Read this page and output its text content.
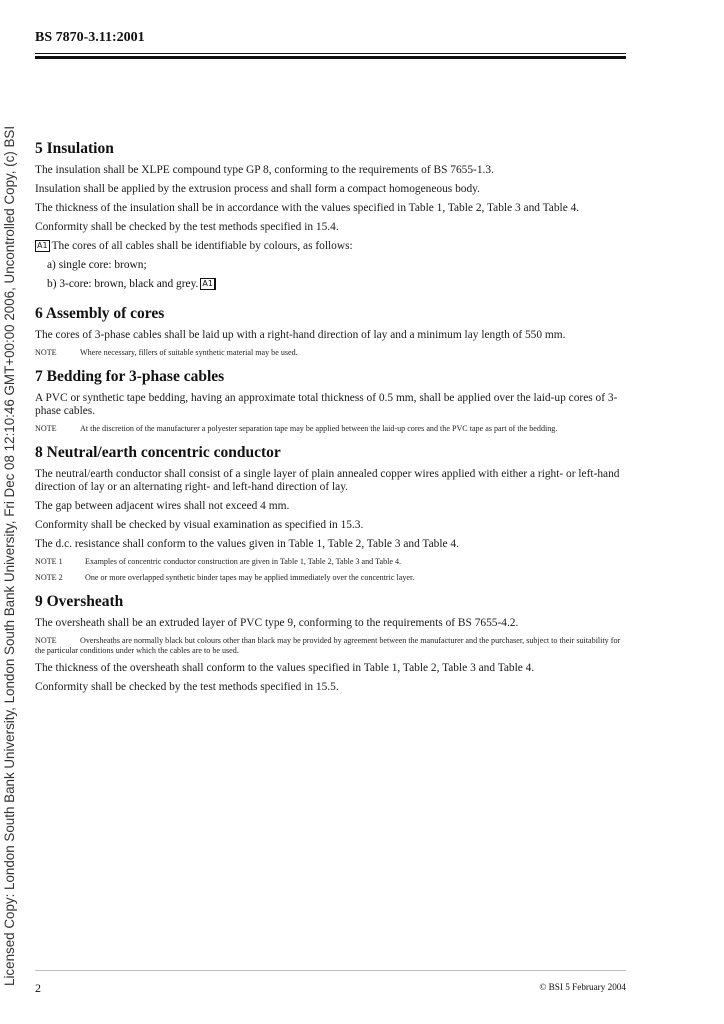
Licensed Copy: London South Bank University, London South Bank University, Fri Dec 08 12:10:46 GMT+00:00 2006, Uncontrolled Copy, (c) BSI
BS 7870-3.11:2001
5 Insulation

The insulation shall be XLPE compound type GP 8, conforming to the requirements of BS 7655-1.3.

Insulation shall be applied by the extrusion process and shall form a compact homogeneous body.

The thickness of the insulation shall be in accordance with the values specified in Table 1, Table 2, Table 3 and Table 4.

Conformity shall be checked by the test methods specified in 15.4.

A1 The cores of all cables shall be identifiable by colours, as follows:

a) single core: brown;
b) 3-core: brown, black and grey. A1
6 Assembly of cores

The cores of 3-phase cables shall be laid up with a right-hand direction of lay and a minimum lay length of 550 mm.

NOTE	Where necessary, fillers of suitable synthetic material may be used.

7 Bedding for 3-phase cables

A PVC or synthetic tape bedding, having an approximate total thickness of 0.5 mm, shall be applied over the laid-up cores of 3-phase cables.

NOTE	At the discretion of the manufacturer a polyester separation tape may be applied between the laid-up cores and the PVC tape as part of the bedding.

8 Neutral/earth concentric conductor

The neutral/earth conductor shall consist of a single layer of plain annealed copper wires applied with either a right- or left-hand direction of lay or an alternating right- and left-hand direction of lay.

The gap between adjacent wires shall not exceed 4 mm.

Conformity shall be checked by visual examination as specified in 15.3.

The d.c. resistance shall conform to the values given in Table 1, Table 2, Table 3 and Table 4.

NOTE 1	Examples of concentric conductor construction are given in Table 1, Table 2, Table 3 and Table 4.

NOTE 2	One or more overlapped synthetic binder tapes may be applied immediately over the concentric layer.

9 Oversheath

The oversheath shall be an extruded layer of PVC type 9, conforming to the requirements of BS 7655-4.2.

NOTE	Oversheaths are normally black but colours other than black may be provided by agreement between the manufacturer and the purchaser, subject to their suitability for the particular conditions under which the cables are to be used.

The thickness of the oversheath shall conform to the values specified in Table 1, Table 2, Table 3 and Table 4.

Conformity shall be checked by the test methods specified in 15.5.

2	© BSI 5 February 2004
